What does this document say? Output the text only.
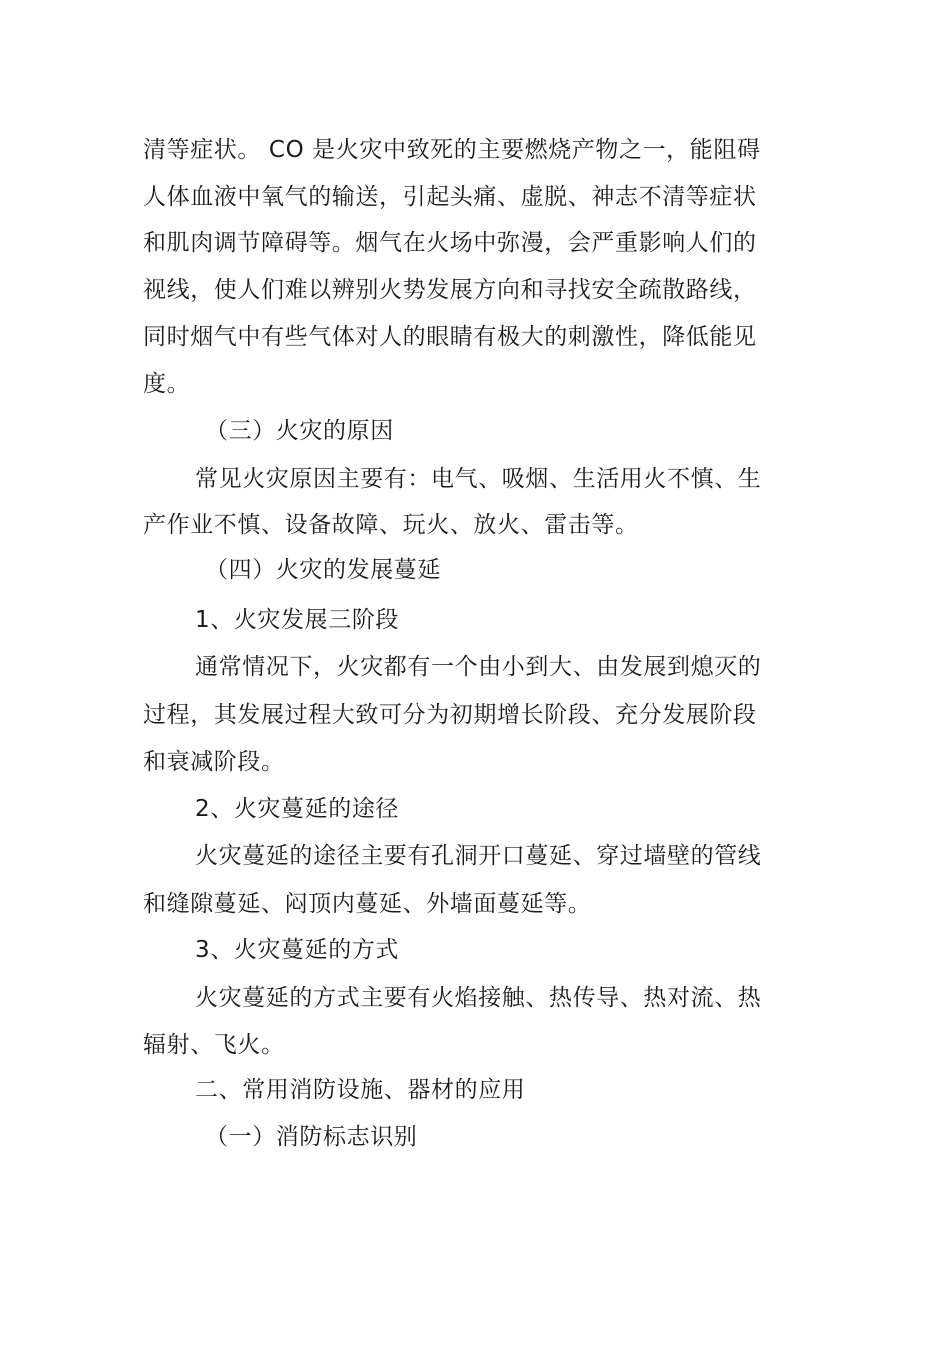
清等症状。 CO 是火灾中致死的主要燃烧产物之一，能阻碍
人体血液中氧气的输送，引起头痛、虚脱、神志不清等症状
和肌肉调节障碍等。烟气在火场中弥漫，会严重影响人们的
视线，使人们难以辨别火势发展方向和寻找安全疏散路线，
同时烟气中有些气体对人的眼睛有极大的刺激性，降低能见
度。
（三）火灾的原因
常见火灾原因主要有：电气、吸烟、生活用火不慎、生
产作业不慎、设备故障、玩火、放火、雷击等。
（四）火灾的发展蔓延
1、火灾发展三阶段
通常情况下，火灾都有一个由小到大、由发展到熄灭的
过程，其发展过程大致可分为初期增长阶段、充分发展阶段
和衰减阶段。
2、火灾蔓延的途径
火灾蔓延的途径主要有孔洞开口蔓延、穿过墙壁的管线
和缝隙蔓延、闷顶内蔓延、外墙面蔓延等。
3、火灾蔓延的方式
火灾蔓延的方式主要有火焰接触、热传导、热对流、热
辐射、飞火。
二、常用消防设施、器材的应用
（一）消防标志识别
